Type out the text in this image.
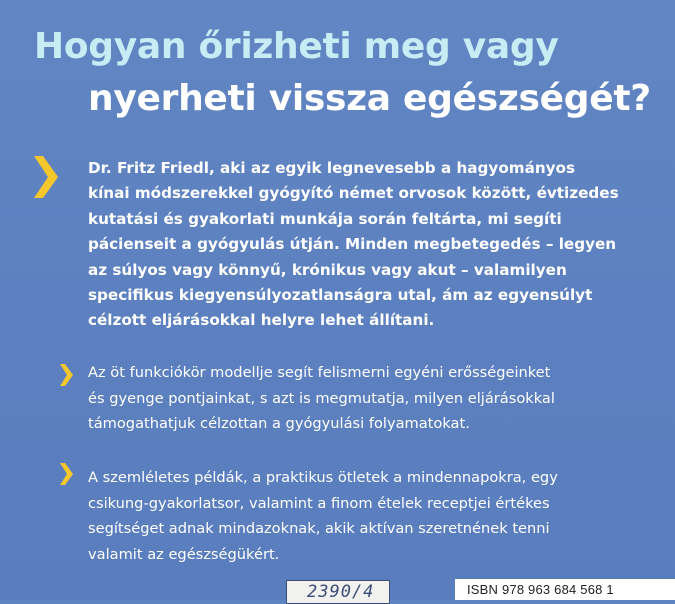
Hogyan őrizheti meg vagy
nyerheti vissza egészségét?
Dr. Fritz Friedl, aki az egyik legnevesebb a hagyományos
kínai módszerekkel gyógyító német orvosok között, évtizedes
kutatási és gyakorlati munkája során feltárta, mi segíti
pácienseit a gyógyulás útján. Minden megbetegedés – legyen
az súlyos vagy könnyű, krónikus vagy akut – valamilyen
specifikus kiegyensúlyozatlanságra utal, ám az egyensúlyt
célzott eljárásokkal helyre lehet állítani.
Az öt funkciókör modellje segít felismerni egyéni erősségeinket
és gyenge pontjainkat, s azt is megmutatja, milyen eljárásokkal
támogathatjuk célzottan a gyógyulási folyamatokat.
A szemléletes példák, a praktikus ötletek a mindennapokra, egy
csikung-gyakorlatsor, valamint a finom ételek receptjei értékes
segítséget adnak mindazoknak, akik aktívan szeretnének tenni
valamit az egészségükért.
2390/4	ISBN 978 963 684 568 1
